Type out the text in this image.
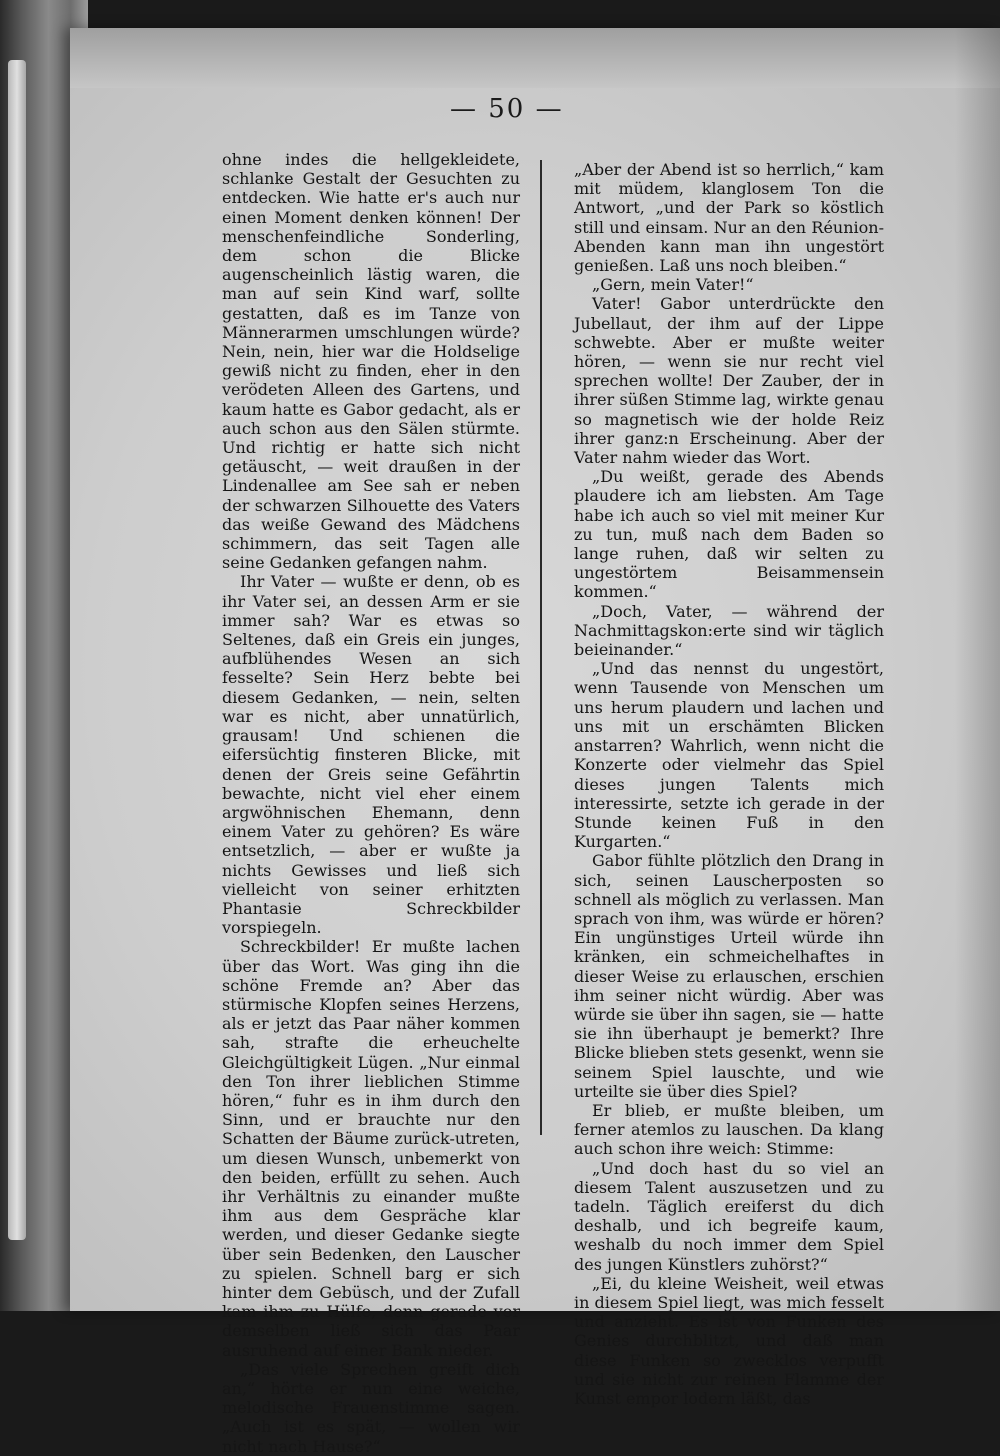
— 50 —

ohne indes die hellgekleidete, schlanke Gestalt der Gesuchten zu entdecken. Wie hatte er's auch nur einen Moment denken können! Der menschenfeindliche Sonderling, dem schon die Blicke augenscheinlich lästig waren, die man auf sein Kind warf, sollte gestatten, daß es im Tanze von Männerarmen umschlungen würde? Nein, nein, hier war die Holdselige gewiß nicht zu finden, eher in den verödeten Alleen des Gartens, und kaum hatte es Gabor gedacht, als er auch schon aus den Sälen stürmte. Und richtig er hatte sich nicht getäuscht, — weit draußen in der Lindenallee am See sah er neben der schwarzen Silhouette des Vaters das weiße Gewand des Mädchens schimmern, das seit Tagen alle seine Gedanken gefangen nahm.

Ihr Vater — wußte er denn, ob es ihr Vater sei, an dessen Arm er sie immer sah? War es etwas so Seltenes, daß ein Greis ein junges, aufblühendes Wesen an sich fesselte? Sein Herz bebte bei diesem Gedanken, — nein, selten war es nicht, aber unnatürlich, grausam! Und schienen die eifersüchtig finsteren Blicke, mit denen der Greis seine Gefährtin bewachte, nicht viel eher einem argwöhnischen Ehemann, denn einem Vater zu gehören? Es wäre entsetzlich, — aber er wußte ja nichts Gewisses und ließ sich vielleicht von seiner erhitzten Phantasie Schreckbilder vorspiegeln.

Schreckbilder! Er mußte lachen über das Wort. Was ging ihn die schöne Fremde an? Aber das stürmische Klopfen seines Herzens, als er jetzt das Paar näher kommen sah, strafte die erheuchelte Gleichgültigkeit Lügen. „Nur einmal den Ton ihrer lieblichen Stimme hören,“ fuhr es in ihm durch den Sinn, und er brauchte nur den Schatten der Bäume zurück-utreten, um diesen Wunsch, unbemerkt von den beiden, erfüllt zu sehen. Auch ihr Verhältnis zu einander mußte ihm aus dem Gespräche klar werden, und dieser Gedanke siegte über sein Bedenken, den Lauscher zu spielen. Schnell barg er sich hinter dem Gebüsch, und der Zufall kam ihm zu Hülfe, denn gerade vor demselben ließ sich das Paar ausruhend auf einer Bank nieder.

„Das viele Sprechen greift dich an,“ hörte er nun eine weiche, melodische Frauenstimme sagen. „Auch ist es spät, — wollen wir nicht nach Hause?“

„Aber der Abend ist so herrlich,“ kam mit müdem, klanglosem Ton die Antwort, „und der Park so köstlich still und einsam. Nur an den Réunion-Abenden kann man ihn ungestört genießen. Laß uns noch bleiben.“

„Gern, mein Vater!“

Vater! Gabor unterdrückte den Jubellaut, der ihm auf der Lippe schwebte. Aber er mußte weiter hören, — wenn sie nur recht viel sprechen wollte! Der Zauber, der in ihrer süßen Stimme lag, wirkte genau so magnetisch wie der holde Reiz ihrer ganz:n Erscheinung. Aber der Vater nahm wieder das Wort.

„Du weißt, gerade des Abends plaudere ich am liebsten. Am Tage habe ich auch so viel mit meiner Kur zu tun, muß nach dem Baden so lange ruhen, daß wir selten zu ungestörtem Beisammensein kommen.“

„Doch, Vater, — während der Nachmittagskon:erte sind wir täglich beieinander.“

„Und das nennst du ungestört, wenn Tausende von Menschen um uns herum plaudern und lachen und uns mit un erschämten Blicken anstarren? Wahrlich, wenn nicht die Konzerte oder vielmehr das Spiel dieses jungen Talents mich interessirte, setzte ich gerade in der Stunde keinen Fuß in den Kurgarten.“

Gabor fühlte plötzlich den Drang in sich, seinen Lauscherposten so schnell als möglich zu verlassen. Man sprach von ihm, was würde er hören? Ein ungünstiges Urteil würde ihn kränken, ein schmeichelhaftes in dieser Weise zu erlauschen, erschien ihm seiner nicht würdig. Aber was würde sie über ihn sagen, sie — hatte sie ihn überhaupt je bemerkt? Ihre Blicke blieben stets gesenkt, wenn sie seinem Spiel lauschte, und wie urteilte sie über dies Spiel?

Er blieb, er mußte bleiben, um ferner atemlos zu lauschen. Da klang auch schon ihre weich: Stimme:

„Und doch hast du so viel an diesem Talent auszusetzen und zu tadeln. Täglich ereiferst du dich deshalb, und ich begreife kaum, weshalb du noch immer dem Spiel des jungen Künstlers zuhörst?“

„Ei, du kleine Weisheit, weil etwas in diesem Spiel liegt, was mich fesselt und anzieht. Es ist von Funken des Genies durchblitzt, und daß man diese Funken so zwecklos verpufft und sie nicht zur reinen Flamme der Kunst empor lodern läßt, das
